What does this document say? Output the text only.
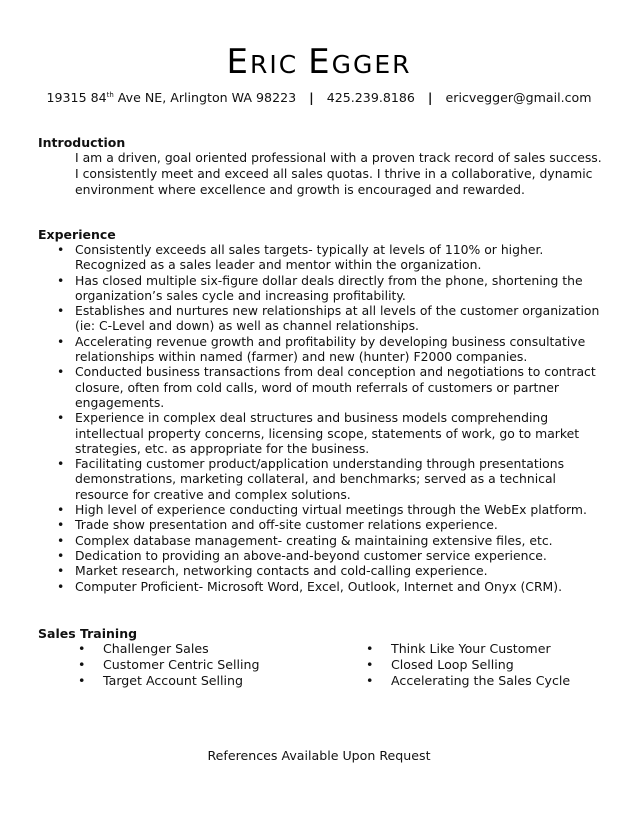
ERIC EGGER
19315 84th Ave NE, Arlington WA 98223 | 425.239.8186 | ericvegger@gmail.com
Introduction

I am a driven, goal oriented professional with a proven track record of sales success. I consistently meet and exceed all sales quotas. I thrive in a collaborative, dynamic environment where excellence and growth is encouraged and rewarded.

Experience
• Consistently exceeds all sales targets- typically at levels of 110% or higher. Recognized as a sales leader and mentor within the organization.
• Has closed multiple six-figure dollar deals directly from the phone, shortening the organization’s sales cycle and increasing profitability.
• Establishes and nurtures new relationships at all levels of the customer organization (ie: C-Level and down) as well as channel relationships.
• Accelerating revenue growth and profitability by developing business consultative relationships within named (farmer) and new (hunter) F2000 companies.
• Conducted business transactions from deal conception and negotiations to contract closure, often from cold calls, word of mouth referrals of customers or partner engagements.
• Experience in complex deal structures and business models comprehending intellectual property concerns, licensing scope, statements of work, go to market strategies, etc. as appropriate for the business.
• Facilitating customer product/application understanding through presentations demonstrations, marketing collateral, and benchmarks; served as a technical resource for creative and complex solutions.
• High level of experience conducting virtual meetings through the WebEx platform.
• Trade show presentation and off-site customer relations experience.
• Complex database management- creating & maintaining extensive files, etc.
• Dedication to providing an above-and-beyond customer service experience.
• Market research, networking contacts and cold-calling experience.
• Computer Proficient- Microsoft Word, Excel, Outlook, Internet and Onyx (CRM).
Sales Training
• Challenger Sales
• Customer Centric Selling
• Target Account Selling
• Think Like Your Customer
• Closed Loop Selling
• Accelerating the Sales Cycle

References Available Upon Request
